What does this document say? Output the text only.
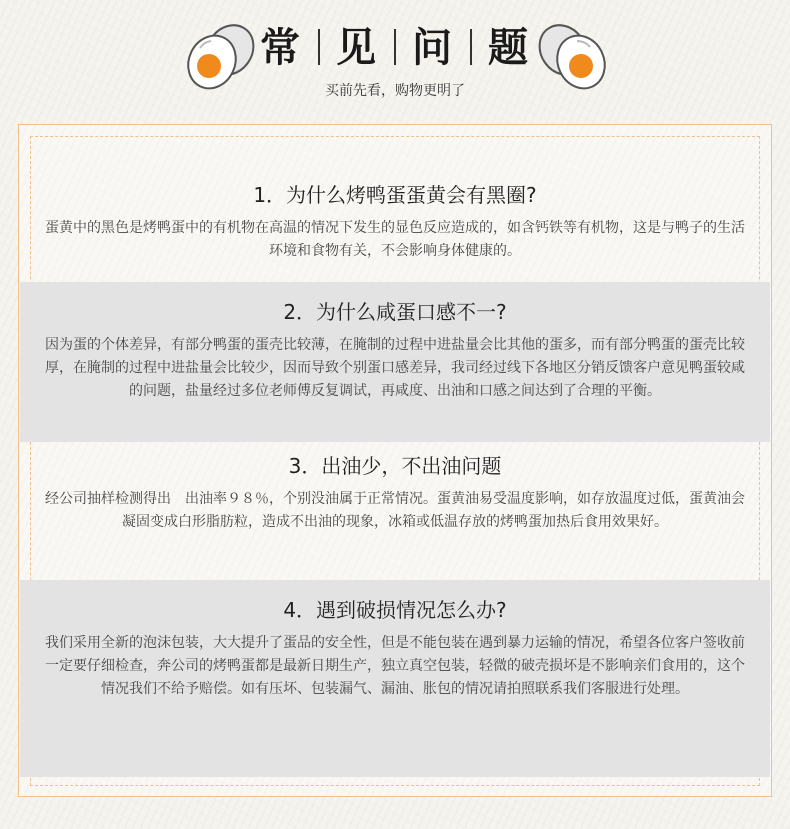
常 见 问 题
买前先看，购物更明了
1．为什么烤鸭蛋蛋黄会有黑圈?
蛋黄中的黑色是烤鸭蛋中的有机物在高温的情况下发生的显色反应造成的，如含钙铁等有机物，这是与鸭子的生活环境和食物有关，不会影响身体健康的。
2．为什么咸蛋口感不一?
因为蛋的个体差异，有部分鸭蛋的蛋壳比较薄，在腌制的过程中进盐量会比其他的蛋多，而有部分鸭蛋的蛋壳比较厚，在腌制的过程中进盐量会比较少，因而导致个别蛋口感差异，我司经过线下各地区分销反馈客户意见鸭蛋较咸的问题，盐量经过多位老师傅反复调试，再咸度、出油和口感之间达到了合理的平衡。
3．出油少，不出油问题
经公司抽样检测得出　出油率９８％，个别没油属于正常情况。蛋黄油易受温度影响，如存放温度过低，蛋黄油会凝固变成白形脂肪粒，造成不出油的现象，冰箱或低温存放的烤鸭蛋加热后食用效果好。
4．遇到破损情况怎么办?
我们采用全新的泡沫包装，大大提升了蛋品的安全性，但是不能包装在遇到暴力运输的情况，希望各位客户签收前一定要仔细检查，奔公司的烤鸭蛋都是最新日期生产，独立真空包装，轻微的破壳损坏是不影响亲们食用的，这个情况我们不给予赔偿。如有压坏、包装漏气、漏油、胀包的情况请拍照联系我们客服进行处理。
